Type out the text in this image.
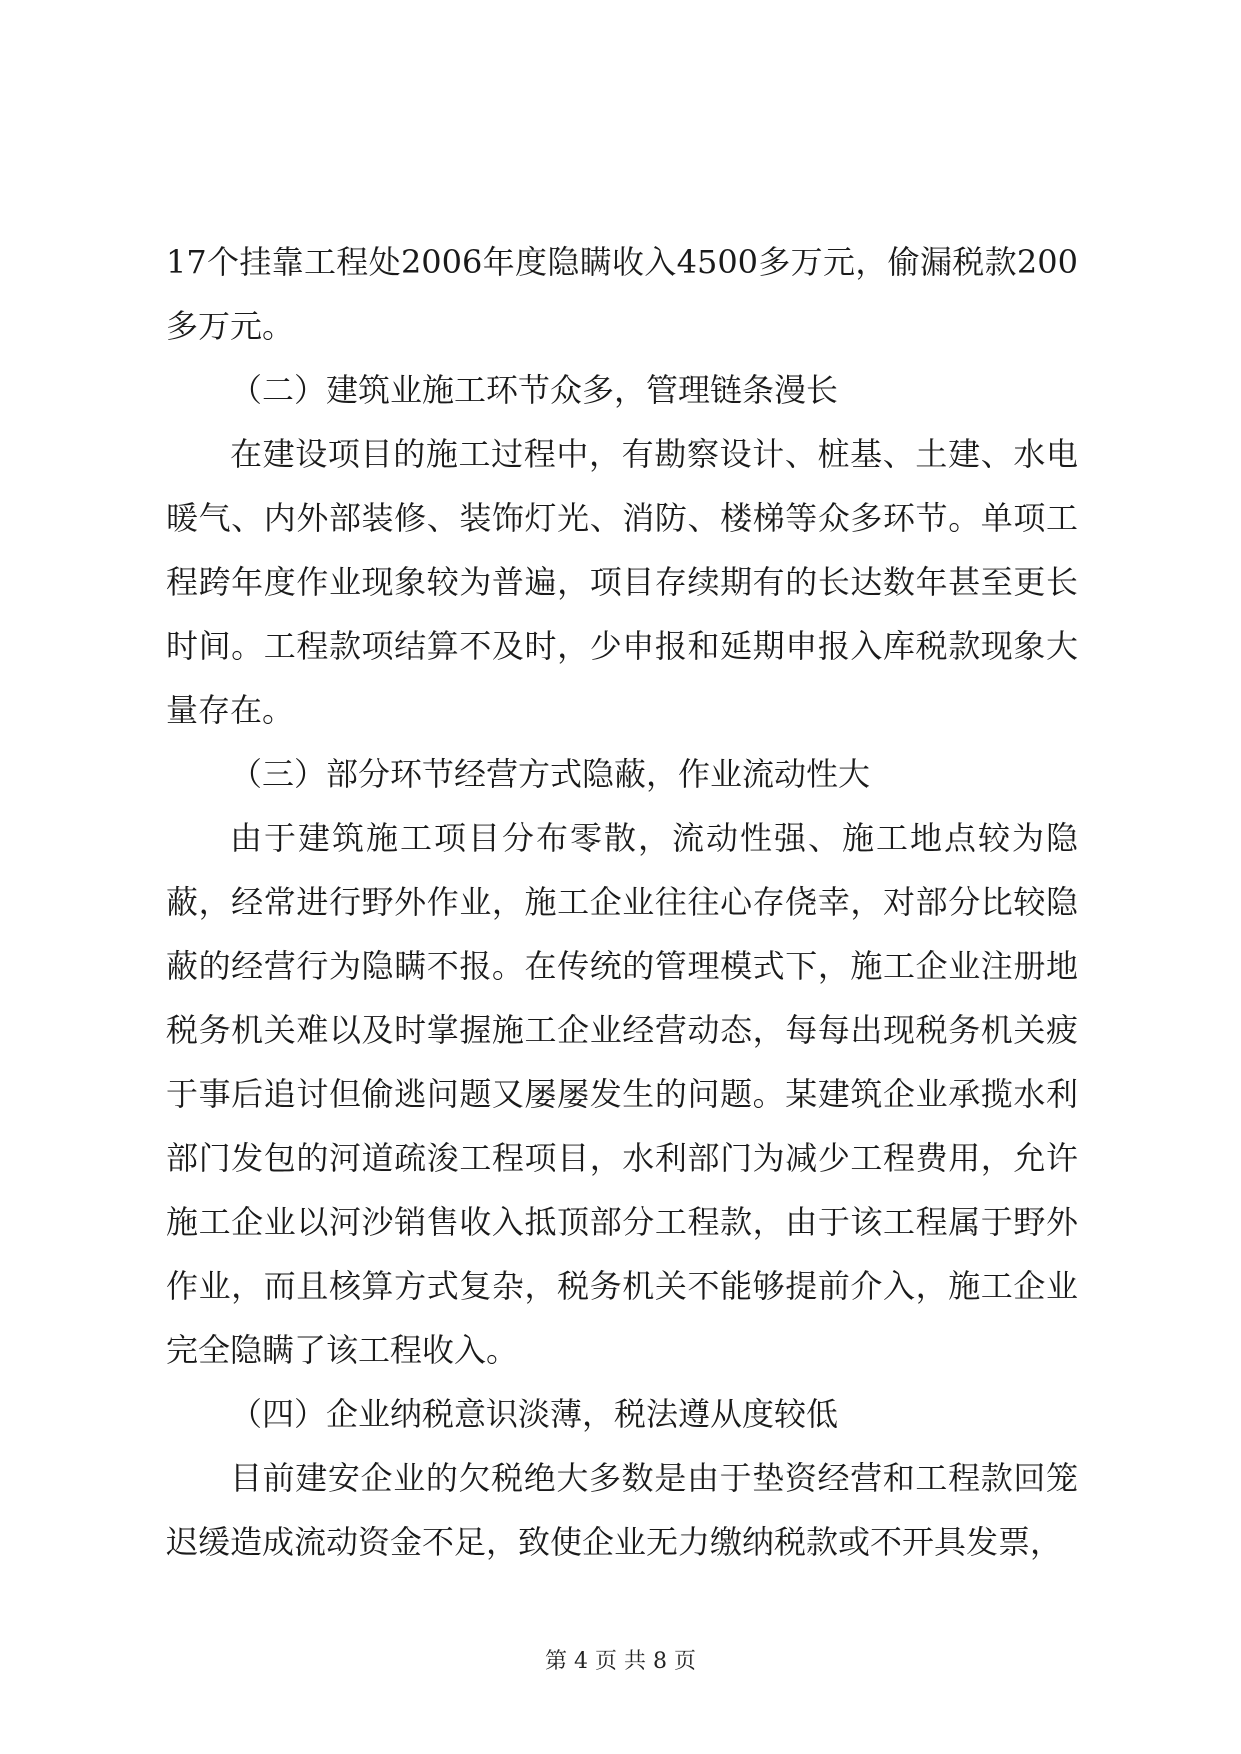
17个挂靠工程处2006年度隐瞒收入4500多万元，偷漏税款200多万元。

（二）建筑业施工环节众多，管理链条漫长

在建设项目的施工过程中，有勘察设计、桩基、土建、水电暖气、内外部装修、装饰灯光、消防、楼梯等众多环节。单项工程跨年度作业现象较为普遍，项目存续期有的长达数年甚至更长时间。工程款项结算不及时，少申报和延期申报入库税款现象大量存在。

（三）部分环节经营方式隐蔽，作业流动性大

由于建筑施工项目分布零散，流动性强、施工地点较为隐蔽，经常进行野外作业，施工企业往往心存侥幸，对部分比较隐蔽的经营行为隐瞒不报。在传统的管理模式下，施工企业注册地税务机关难以及时掌握施工企业经营动态，每每出现税务机关疲于事后追讨但偷逃问题又屡屡发生的问题。某建筑企业承揽水利部门发包的河道疏浚工程项目，水利部门为减少工程费用，允许施工企业以河沙销售收入抵顶部分工程款，由于该工程属于野外作业，而且核算方式复杂，税务机关不能够提前介入，施工企业完全隐瞒了该工程收入。

（四）企业纳税意识淡薄，税法遵从度较低

目前建安企业的欠税绝大多数是由于垫资经营和工程款回笼迟缓造成流动资金不足，致使企业无力缴纳税款或不开具发票，

第 4 页 共 8 页
